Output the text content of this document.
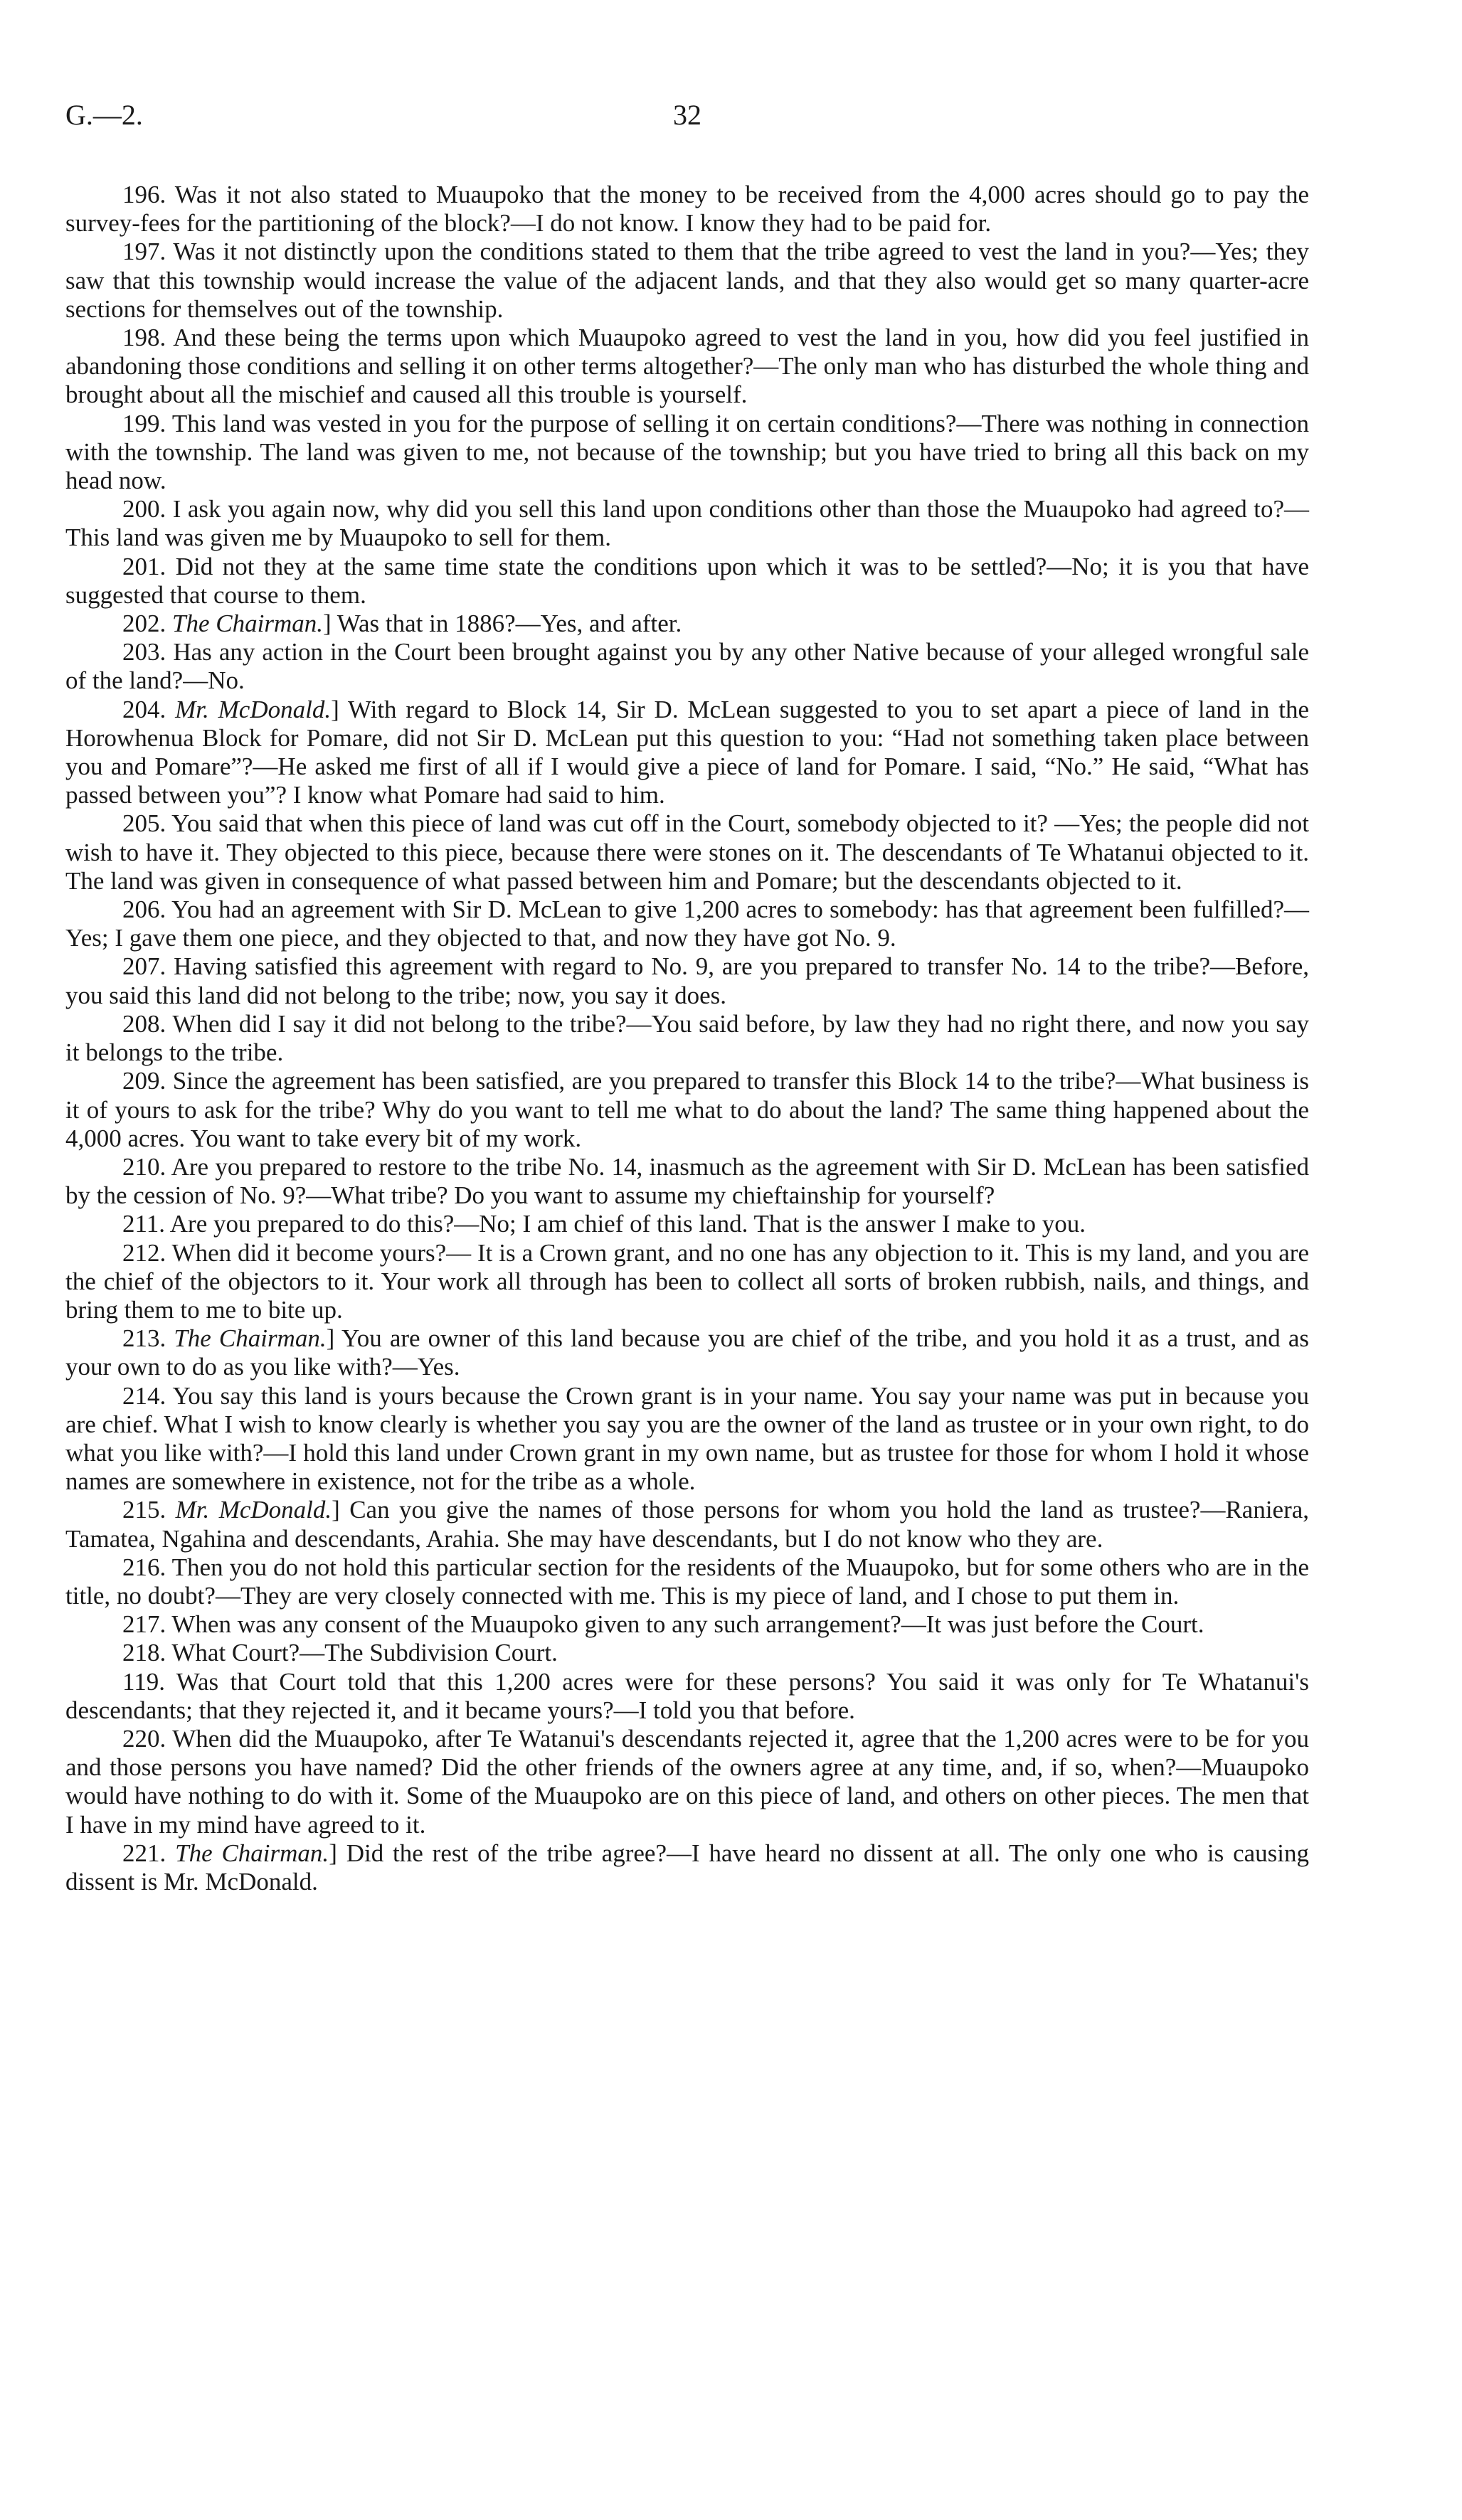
G.—2.	32

196. Was it not also stated to Muaupoko that the money to be received from the 4,000 acres should go to pay the survey-fees for the partitioning of the block?—I do not know. I know they had to be paid for.

197. Was it not distinctly upon the conditions stated to them that the tribe agreed to vest the land in you?—Yes; they saw that this township would increase the value of the adjacent lands, and that they also would get so many quarter-acre sections for themselves out of the township.

198. And these being the terms upon which Muaupoko agreed to vest the land in you, how did you feel justified in abandoning those conditions and selling it on other terms altogether?—The only man who has disturbed the whole thing and brought about all the mischief and caused all this trouble is yourself.

199. This land was vested in you for the purpose of selling it on certain conditions?—There was nothing in connection with the township. The land was given to me, not because of the township; but you have tried to bring all this back on my head now.

200. I ask you again now, why did you sell this land upon conditions other than those the Muaupoko had agreed to?—This land was given me by Muaupoko to sell for them.

201. Did not they at the same time state the conditions upon which it was to be settled?—No; it is you that have suggested that course to them.

202. The Chairman.] Was that in 1886?—Yes, and after.

203. Has any action in the Court been brought against you by any other Native because of your alleged wrongful sale of the land?—No.

204. Mr. McDonald.] With regard to Block 14, Sir D. McLean suggested to you to set apart a piece of land in the Horowhenua Block for Pomare, did not Sir D. McLean put this question to you: “Had not something taken place between you and Pomare”?—He asked me first of all if I would give a piece of land for Pomare. I said, “No.” He said, “What has passed between you”? I know what Pomare had said to him.

205. You said that when this piece of land was cut off in the Court, somebody objected to it? —Yes; the people did not wish to have it. They objected to this piece, because there were stones on it. The descendants of Te Whatanui objected to it. The land was given in consequence of what passed between him and Pomare; but the descendants objected to it.

206. You had an agreement with Sir D. McLean to give 1,200 acres to somebody: has that agreement been fulfilled?—Yes; I gave them one piece, and they objected to that, and now they have got No. 9.

207. Having satisfied this agreement with regard to No. 9, are you prepared to transfer No. 14 to the tribe?—Before, you said this land did not belong to the tribe; now, you say it does.

208. When did I say it did not belong to the tribe?—You said before, by law they had no right there, and now you say it belongs to the tribe.

209. Since the agreement has been satisfied, are you prepared to transfer this Block 14 to the tribe?—What business is it of yours to ask for the tribe? Why do you want to tell me what to do about the land? The same thing happened about the 4,000 acres. You want to take every bit of my work.

210. Are you prepared to restore to the tribe No. 14, inasmuch as the agreement with Sir D. McLean has been satisfied by the cession of No. 9?—What tribe? Do you want to assume my chieftainship for yourself?

211. Are you prepared to do this?—No; I am chief of this land. That is the answer I make to you.

212. When did it become yours?— It is a Crown grant, and no one has any objection to it. This is my land, and you are the chief of the objectors to it. Your work all through has been to collect all sorts of broken rubbish, nails, and things, and bring them to me to bite up.

213. The Chairman.] You are owner of this land because you are chief of the tribe, and you hold it as a trust, and as your own to do as you like with?—Yes.

214. You say this land is yours because the Crown grant is in your name. You say your name was put in because you are chief. What I wish to know clearly is whether you say you are the owner of the land as trustee or in your own right, to do what you like with?—I hold this land under Crown grant in my own name, but as trustee for those for whom I hold it whose names are somewhere in existence, not for the tribe as a whole.

215. Mr. McDonald.] Can you give the names of those persons for whom you hold the land as trustee?—Raniera, Tamatea, Ngahina and descendants, Arahia. She may have descendants, but I do not know who they are.

216. Then you do not hold this particular section for the residents of the Muaupoko, but for some others who are in the title, no doubt?—They are very closely connected with me. This is my piece of land, and I chose to put them in.

217. When was any consent of the Muaupoko given to any such arrangement?—It was just before the Court.

218. What Court?—The Subdivision Court.

119. Was that Court told that this 1,200 acres were for these persons? You said it was only for Te Whatanui's descendants; that they rejected it, and it became yours?—I told you that before.

220. When did the Muaupoko, after Te Watanui's descendants rejected it, agree that the 1,200 acres were to be for you and those persons you have named? Did the other friends of the owners agree at any time, and, if so, when?—Muaupoko would have nothing to do with it. Some of the Muaupoko are on this piece of land, and others on other pieces. The men that I have in my mind have agreed to it.

221. The Chairman.] Did the rest of the tribe agree?—I have heard no dissent at all. The only one who is causing dissent is Mr. McDonald.
